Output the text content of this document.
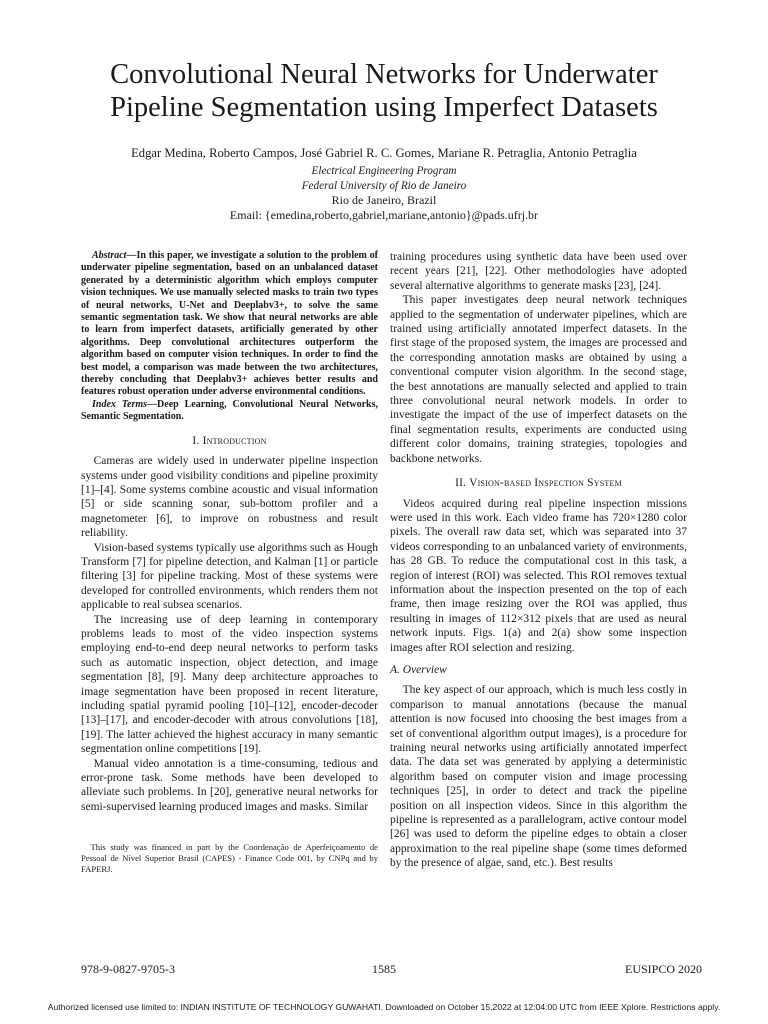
Convolutional Neural Networks for Underwater
Pipeline Segmentation using Imperfect Datasets
Edgar Medina, Roberto Campos, José Gabriel R. C. Gomes, Mariane R. Petraglia, Antonio Petraglia
Electrical Engineering Program
Federal University of Rio de Janeiro
Rio de Janeiro, Brazil
Email: {emedina,roberto,gabriel,mariane,antonio}@pads.ufrj.br

Abstract—In this paper, we investigate a solution to the problem of underwater pipeline segmentation, based on an unbalanced dataset generated by a deterministic algorithm which employs computer vision techniques. We use manually selected masks to train two types of neural networks, U-Net and Deeplabv3+, to solve the same semantic segmentation task. We show that neural networks are able to learn from imperfect datasets, artificially generated by other algorithms. Deep convolutional architectures outperform the algorithm based on computer vision techniques. In order to find the best model, a comparison was made between the two architectures, thereby concluding that Deeplabv3+ achieves better results and features robust operation under adverse environmental conditions.

Index Terms—Deep Learning, Convolutional Neural Networks, Semantic Segmentation.

I. Introduction

Cameras are widely used in underwater pipeline inspection systems under good visibility conditions and pipeline proximity [1]–[4]. Some systems combine acoustic and visual information [5] or side scanning sonar, sub-bottom profiler and a magnetometer [6], to improve on robustness and result reliability.

Vision-based systems typically use algorithms such as Hough Transform [7] for pipeline detection, and Kalman [1] or particle filtering [3] for pipeline tracking. Most of these systems were developed for controlled environments, which renders them not applicable to real subsea scenarios.

The increasing use of deep learning in contemporary problems leads to most of the video inspection systems employing end-to-end deep neural networks to perform tasks such as automatic inspection, object detection, and image segmentation [8], [9]. Many deep architecture approaches to image segmentation have been proposed in recent literature, including spatial pyramid pooling [10]–[12], encoder-decoder [13]–[17], and encoder-decoder with atrous convolutions [18], [19]. The latter achieved the highest accuracy in many semantic segmentation online competitions [19].

Manual video annotation is a time-consuming, tedious and error-prone task. Some methods have been developed to alleviate such problems. In [20], generative neural networks for semi-supervised learning produced images and masks. Similar

This study was financed in part by the Coordenação de Aperfeiçoamento de Pessoal de Nível Superior Brasil (CAPES) - Finance Code 001, by CNPq and by FAPERJ.

training procedures using synthetic data have been used over recent years [21], [22]. Other methodologies have adopted several alternative algorithms to generate masks [23], [24].

This paper investigates deep neural network techniques applied to the segmentation of underwater pipelines, which are trained using artificially annotated imperfect datasets. In the first stage of the proposed system, the images are processed and the corresponding annotation masks are obtained by using a conventional computer vision algorithm. In the second stage, the best annotations are manually selected and applied to train three convolutional neural network models. In order to investigate the impact of the use of imperfect datasets on the final segmentation results, experiments are conducted using different color domains, training strategies, topologies and backbone networks.

II. Vision-based Inspection System

Videos acquired during real pipeline inspection missions were used in this work. Each video frame has 720×1280 color pixels. The overall raw data set, which was separated into 37 videos corresponding to an unbalanced variety of environments, has 28 GB. To reduce the computational cost in this task, a region of interest (ROI) was selected. This ROI removes textual information about the inspection presented on the top of each frame, then image resizing over the ROI was applied, thus resulting in images of 112×312 pixels that are used as neural network inputs. Figs. 1(a) and 2(a) show some inspection images after ROI selection and resizing.

A. Overview

The key aspect of our approach, which is much less costly in comparison to manual annotations (because the manual attention is now focused into choosing the best images from a set of conventional algorithm output images), is a procedure for training neural networks using artificially annotated imperfect data. The data set was generated by applying a deterministic algorithm based on computer vision and image processing techniques [25], in order to detect and track the pipeline position on all inspection videos. Since in this algorithm the pipeline is represented as a parallelogram, active contour model [26] was used to deform the pipeline edges to obtain a closer approximation to the real pipeline shape (some times deformed by the presence of algae, sand, etc.). Best results

978-9-0827-9705-3	1585	EUSIPCO 2020
Authorized licensed use limited to: INDIAN INSTITUTE OF TECHNOLOGY GUWAHATI. Downloaded on October 15,2022 at 12:04:00 UTC from IEEE Xplore. Restrictions apply.
